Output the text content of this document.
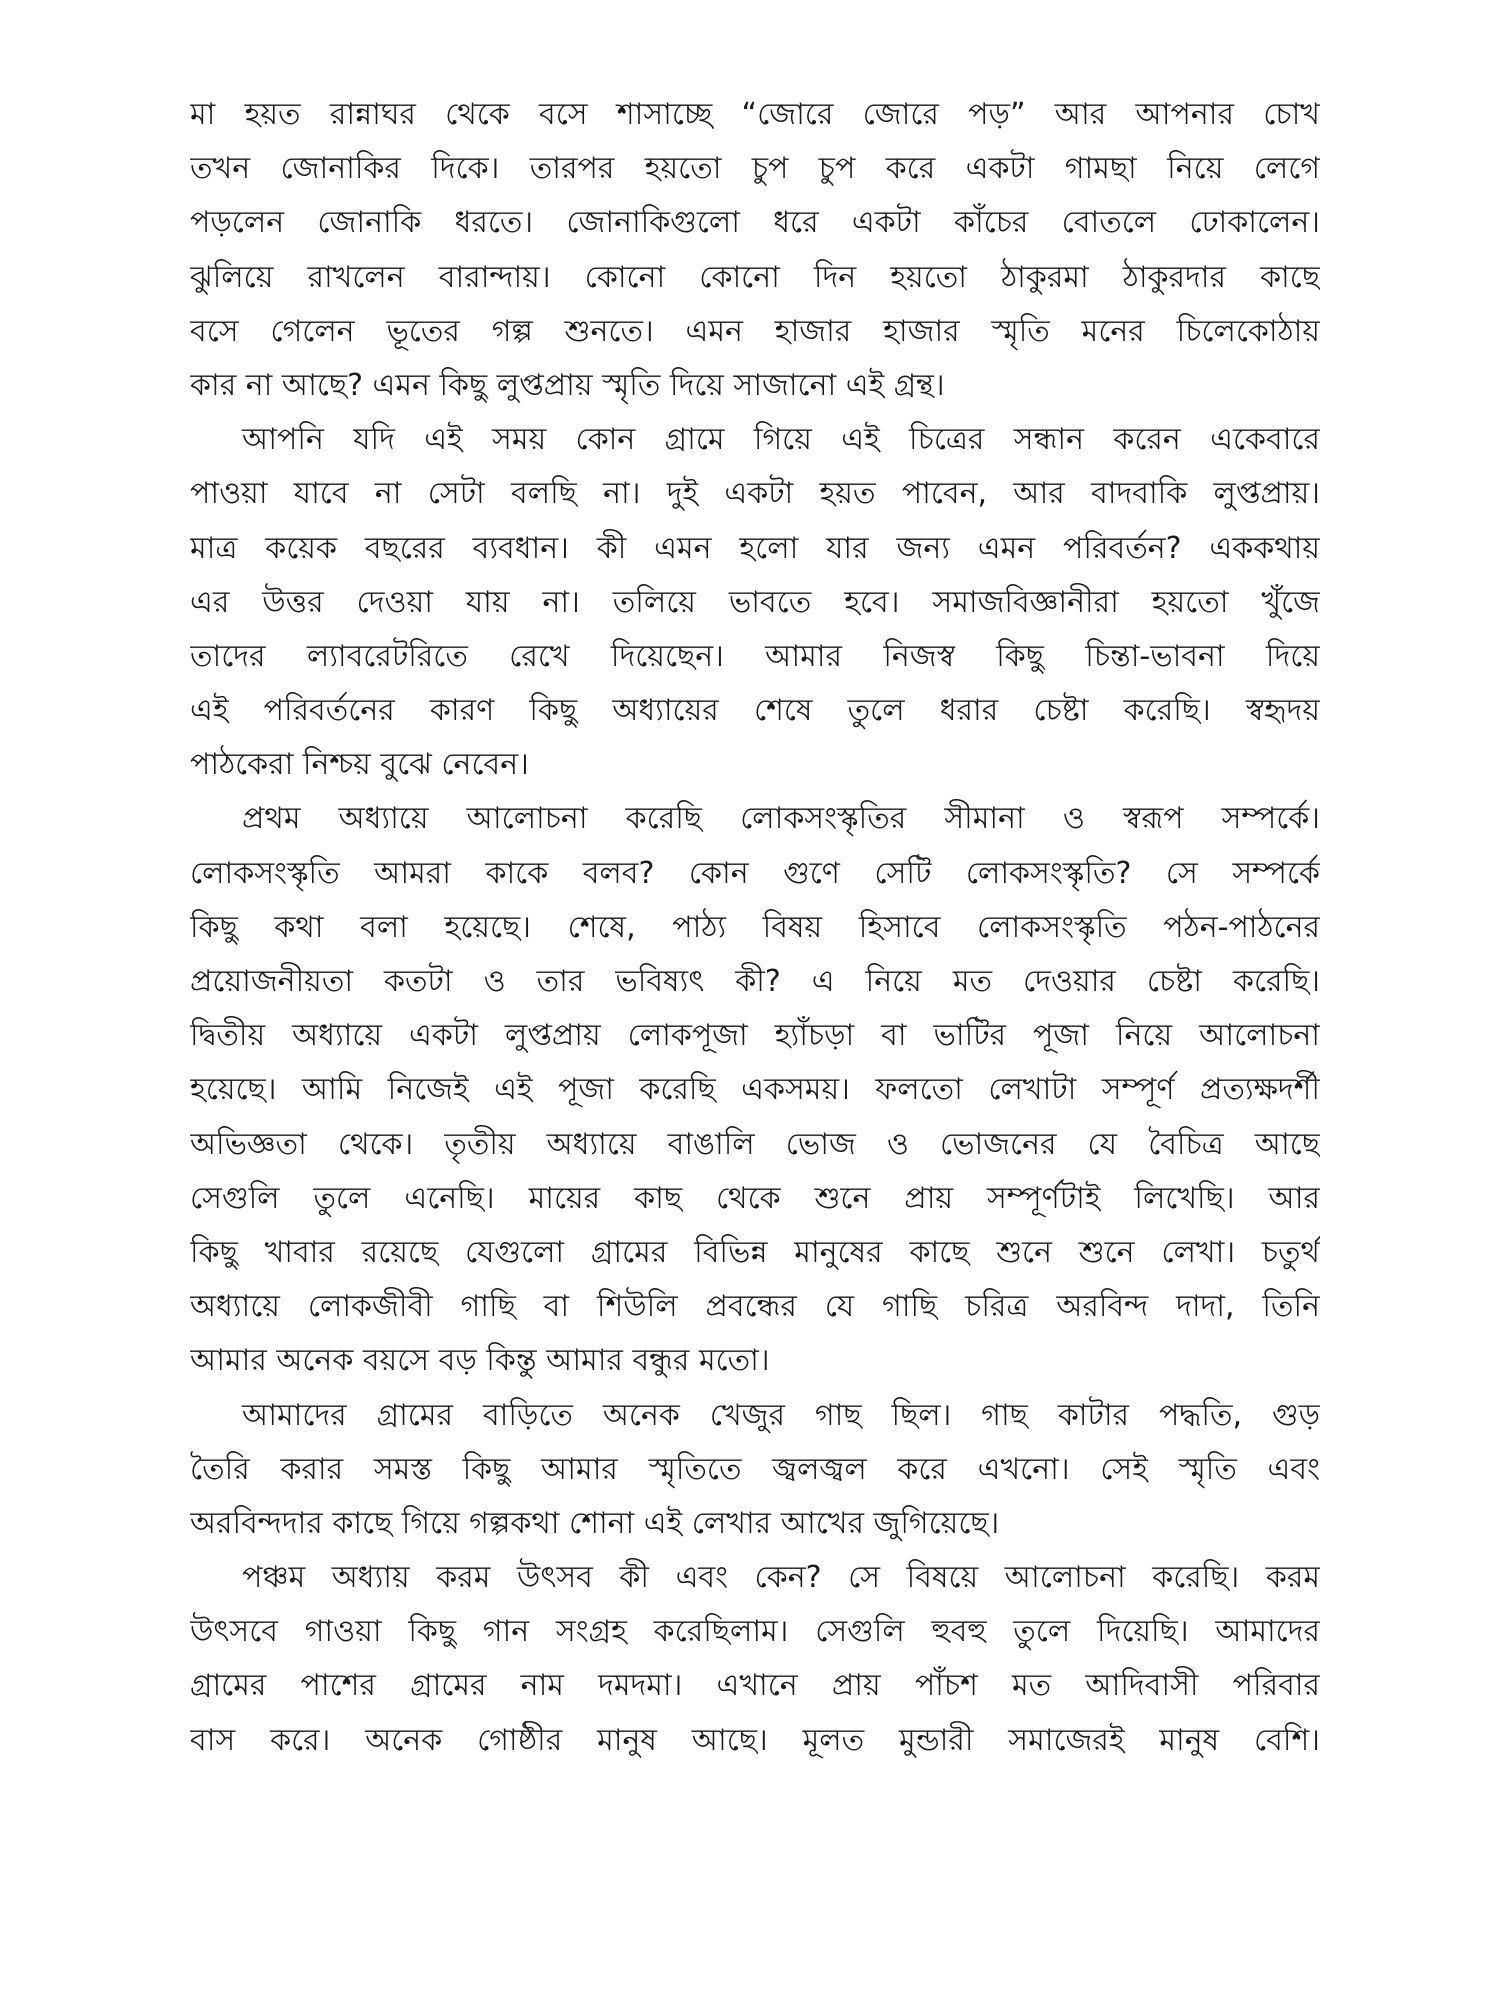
মা হয়ত রান্নাঘর থেকে বসে শাসাচ্ছে “জোরে জোরে পড়” আর আপনার চোখ
তখন জোনাকির দিকে। তারপর হয়তো চুপ চুপ করে একটা গামছা নিয়ে লেগে
পড়লেন জোনাকি ধরতে। জোনাকিগুলো ধরে একটা কাঁচের বোতলে ঢোকালেন।
ঝুলিয়ে রাখলেন বারান্দায়। কোনো কোনো দিন হয়তো ঠাকুরমা ঠাকুরদার কাছে
বসে গেলেন ভূতের গল্প শুনতে। এমন হাজার হাজার স্মৃতি মনের চিলেকোঠায়
কার না আছে? এমন কিছু লুপ্তপ্রায় স্মৃতি দিয়ে সাজানো এই গ্রন্থ।
আপনি যদি এই সময় কোন গ্রামে গিয়ে এই চিত্রের সন্ধান করেন একেবারে
পাওয়া যাবে না সেটা বলছি না। দুই একটা হয়ত পাবেন, আর বাদবাকি লুপ্তপ্রায়।
মাত্র কয়েক বছরের ব্যবধান। কী এমন হলো যার জন্য এমন পরিবর্তন? এককথায়
এর উত্তর দেওয়া যায় না। তলিয়ে ভাবতে হবে। সমাজবিজ্ঞানীরা হয়তো খুঁজে
তাদের ল্যাবরেটরিতে রেখে দিয়েছেন। আমার নিজস্ব কিছু চিন্তা-ভাবনা দিয়ে
এই পরিবর্তনের কারণ কিছু অধ্যায়ের শেষে তুলে ধরার চেষ্টা করেছি। স্বহৃদয়
পাঠকেরা নিশ্চয় বুঝে নেবেন।
প্রথম অধ্যায়ে আলোচনা করেছি লোকসংস্কৃতির সীমানা ও স্বরূপ সম্পর্কে।
লোকসংস্কৃতি আমরা কাকে বলব? কোন গুণে সেটি লোকসংস্কৃতি? সে সম্পর্কে
কিছু কথা বলা হয়েছে। শেষে, পাঠ্য বিষয় হিসাবে লোকসংস্কৃতি পঠন-পাঠনের
প্রয়োজনীয়তা কতটা ও তার ভবিষ্যৎ কী? এ নিয়ে মত দেওয়ার চেষ্টা করেছি।
দ্বিতীয় অধ্যায়ে একটা লুপ্তপ্রায় লোকপূজা হ্যাঁচড়া বা ভাটির পূজা নিয়ে আলোচনা
হয়েছে। আমি নিজেই এই পূজা করেছি একসময়। ফলতো লেখাটা সম্পূর্ণ প্রত্যক্ষদর্শী
অভিজ্ঞতা থেকে। তৃতীয় অধ্যায়ে বাঙালি ভোজ ও ভোজনের যে বৈচিত্র আছে
সেগুলি তুলে এনেছি। মায়ের কাছ থেকে শুনে প্রায় সম্পূর্ণটাই লিখেছি। আর
কিছু খাবার রয়েছে যেগুলো গ্রামের বিভিন্ন মানুষের কাছে শুনে শুনে লেখা। চতুর্থ
অধ্যায়ে লোকজীবী গাছি বা শিউলি প্রবন্ধের যে গাছি চরিত্র অরবিন্দ দাদা, তিনি
আমার অনেক বয়সে বড় কিন্তু আমার বন্ধুর মতো।
আমাদের গ্রামের বাড়িতে অনেক খেজুর গাছ ছিল। গাছ কাটার পদ্ধতি, গুড়
তৈরি করার সমস্ত কিছু আমার স্মৃতিতে জ্বলজ্বল করে এখনো। সেই স্মৃতি এবং
অরবিন্দদার কাছে গিয়ে গল্পকথা শোনা এই লেখার আখের জুগিয়েছে।
পঞ্চম অধ্যায় করম উৎসব কী এবং কেন? সে বিষয়ে আলোচনা করেছি। করম
উৎসবে গাওয়া কিছু গান সংগ্রহ করেছিলাম। সেগুলি হুবহু তুলে দিয়েছি। আমাদের
গ্রামের পাশের গ্রামের নাম দমদমা। এখানে প্রায় পাঁচশ মত আদিবাসী পরিবার
বাস করে। অনেক গোষ্ঠীর মানুষ আছে। মূলত মুন্ডারী সমাজেরই মানুষ বেশি।
